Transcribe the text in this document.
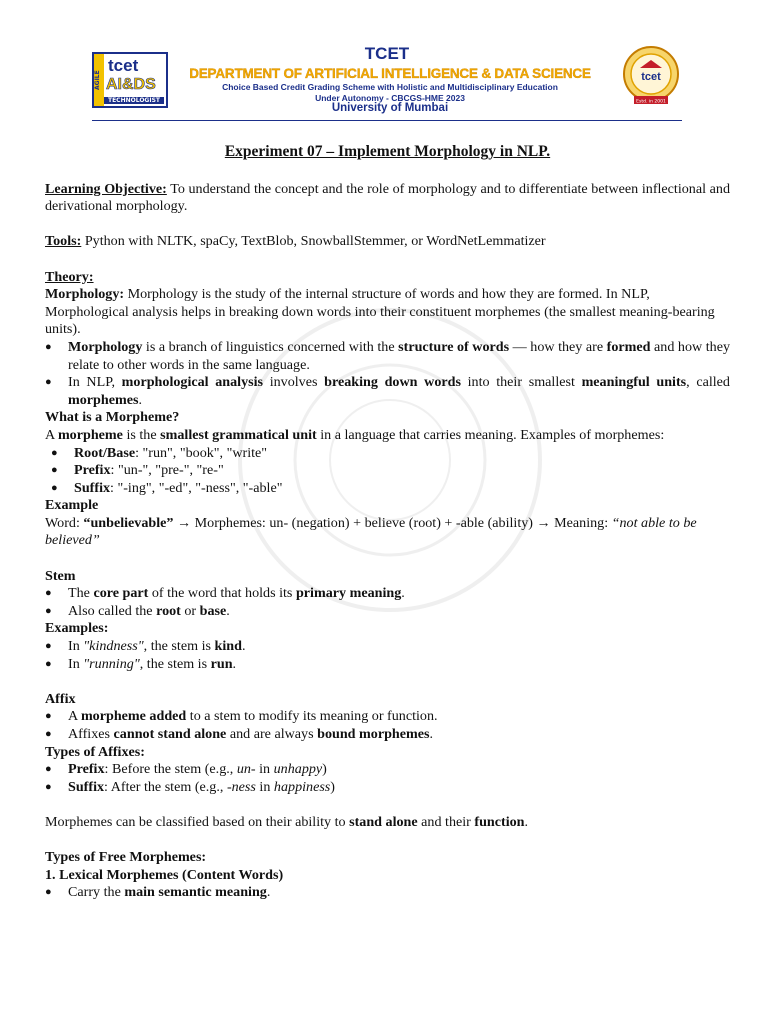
AGILE
tcet
AI&DS
TECHNOLOGIST
TCET
DEPARTMENT OF ARTIFICIAL INTELLIGENCE & DATA SCIENCE
Choice Based Credit Grading Scheme with Holistic and Multidisciplinary Education
Under Autonomy - CBCGS-HME 2023
University of Mumbai
tcet
Estd. in 2001

Experiment 07 – Implement Morphology in NLP.

Learning Objective: To understand the concept and the role of morphology and to differentiate between inflectional and derivational morphology.

Tools: Python with NLTK, spaCy, TextBlob, SnowballStemmer, or WordNetLemmatizer

Theory:

Morphology: Morphology is the study of the internal structure of words and how they are formed. In NLP, Morphological analysis helps in breaking down words into their constituent morphemes (the smallest meaning-bearing units).

● Morphology is a branch of linguistics concerned with the structure of words — how they are formed and how they relate to other words in the same language.
● In NLP, morphological analysis involves breaking down words into their smallest meaningful units, called morphemes.

What is a Morpheme?

A morpheme is the smallest grammatical unit in a language that carries meaning. Examples of morphemes:

● Root/Base: "run", "book", "write"
● Prefix: "un-", "pre-", "re-"
● Suffix: "-ing", "-ed", "-ness", "-able"

Example

Word: “unbelievable” → Morphemes: un- (negation) + believe (root) + -able (ability) → Meaning: “not able to be believed”

Stem

● The core part of the word that holds its primary meaning.
● Also called the root or base.

Examples:

● In "kindness", the stem is kind.
● In "running", the stem is run.

Affix

● A morpheme added to a stem to modify its meaning or function.
● Affixes cannot stand alone and are always bound morphemes.

Types of Affixes:

● Prefix: Before the stem (e.g., un- in unhappy)
● Suffix: After the stem (e.g., -ness in happiness)

Morphemes can be classified based on their ability to stand alone and their function.

Types of Free Morphemes:

1. Lexical Morphemes (Content Words)

● Carry the main semantic meaning.
